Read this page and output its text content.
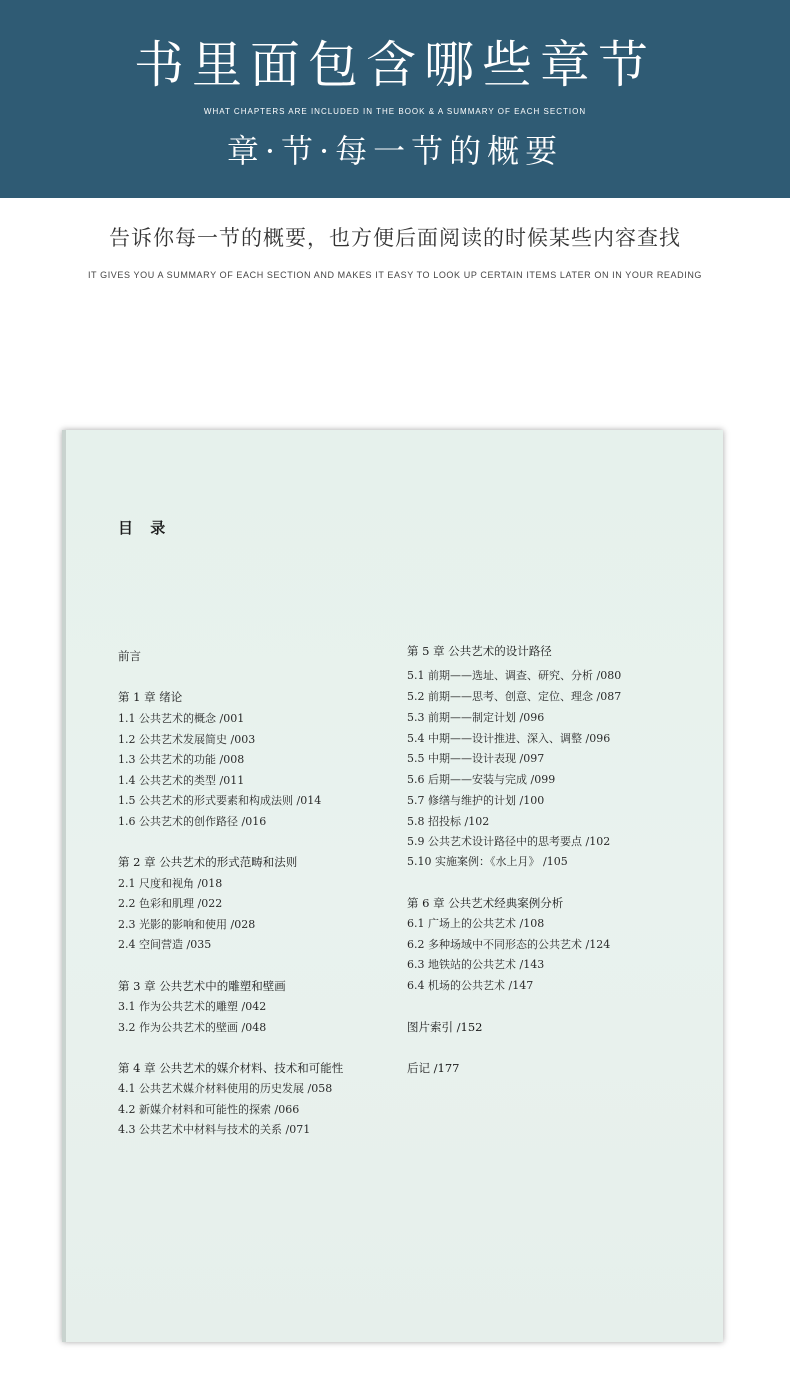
书里面包含哪些章节
WHAT CHAPTERS ARE INCLUDED IN THE BOOK & A SUMMARY OF EACH SECTION
章·节·每一节的概要
告诉你每一节的概要，也方便后面阅读的时候某些内容查找
IT GIVES YOU A SUMMARY OF EACH SECTION AND MAKES IT EASY TO LOOK UP CERTAIN ITEMS LATER ON IN YOUR READING
目 录
前言
第 1 章 绪论
1.1 公共艺术的概念 /001
1.2 公共艺术发展简史 /003
1.3 公共艺术的功能 /008
1.4 公共艺术的类型 /011
1.5 公共艺术的形式要素和构成法则 /014
1.6 公共艺术的创作路径 /016
第 2 章 公共艺术的形式范畴和法则
2.1 尺度和视角 /018
2.2 色彩和肌理 /022
2.3 光影的影响和使用 /028
2.4 空间营造 /035
第 3 章 公共艺术中的雕塑和壁画
3.1 作为公共艺术的雕塑 /042
3.2 作为公共艺术的壁画 /048
第 4 章 公共艺术的媒介材料、技术和可能性
4.1 公共艺术媒介材料使用的历史发展 /058
4.2 新媒介材料和可能性的探索 /066
4.3 公共艺术中材料与技术的关系 /071
第 5 章 公共艺术的设计路径
5.1 前期——选址、调查、研究、分析 /080
5.2 前期——思考、创意、定位、理念 /087
5.3 前期——制定计划 /096
5.4 中期——设计推进、深入、调整 /096
5.5 中期——设计表现 /097
5.6 后期——安装与完成 /099
5.7 修缮与维护的计划 /100
5.8 招投标 /102
5.9 公共艺术设计路径中的思考要点 /102
5.10 实施案例：《水上月》 /105
第 6 章 公共艺术经典案例分析
6.1 广场上的公共艺术 /108
6.2 多种场域中不同形态的公共艺术 /124
6.3 地铁站的公共艺术 /143
6.4 机场的公共艺术 /147
图片索引 /152
后记 /177
